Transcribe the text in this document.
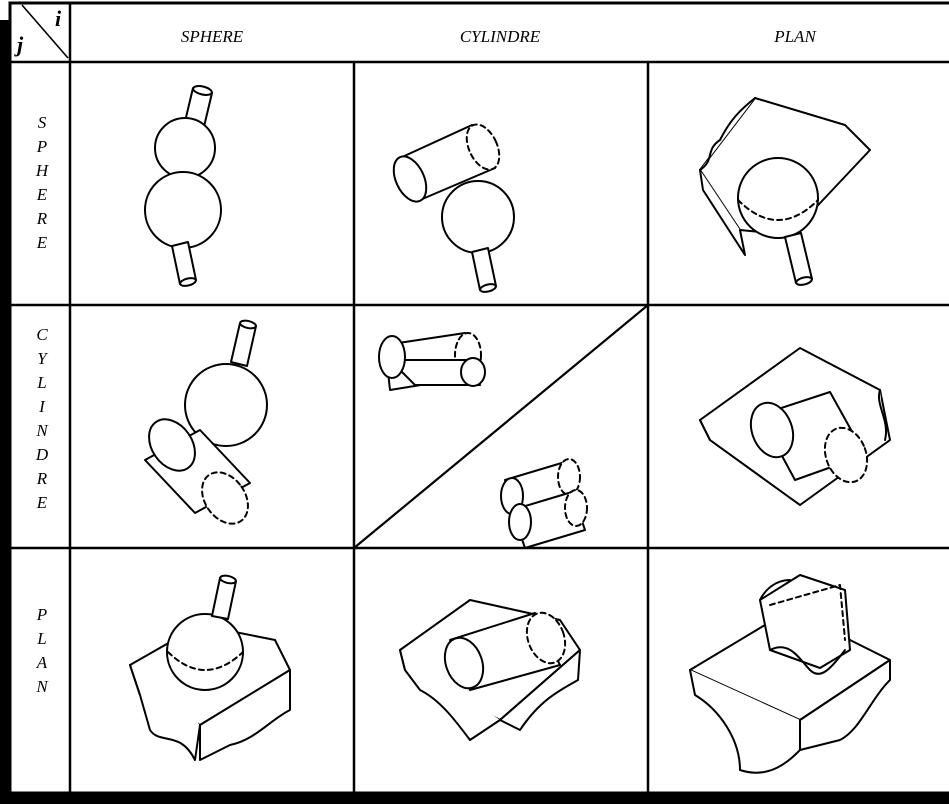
j
i
SPHERE	CYLINDRE	PLAN
S
P
H
E
R
E
C
Y
L
I
N
D
R
E
P
L
A
N
